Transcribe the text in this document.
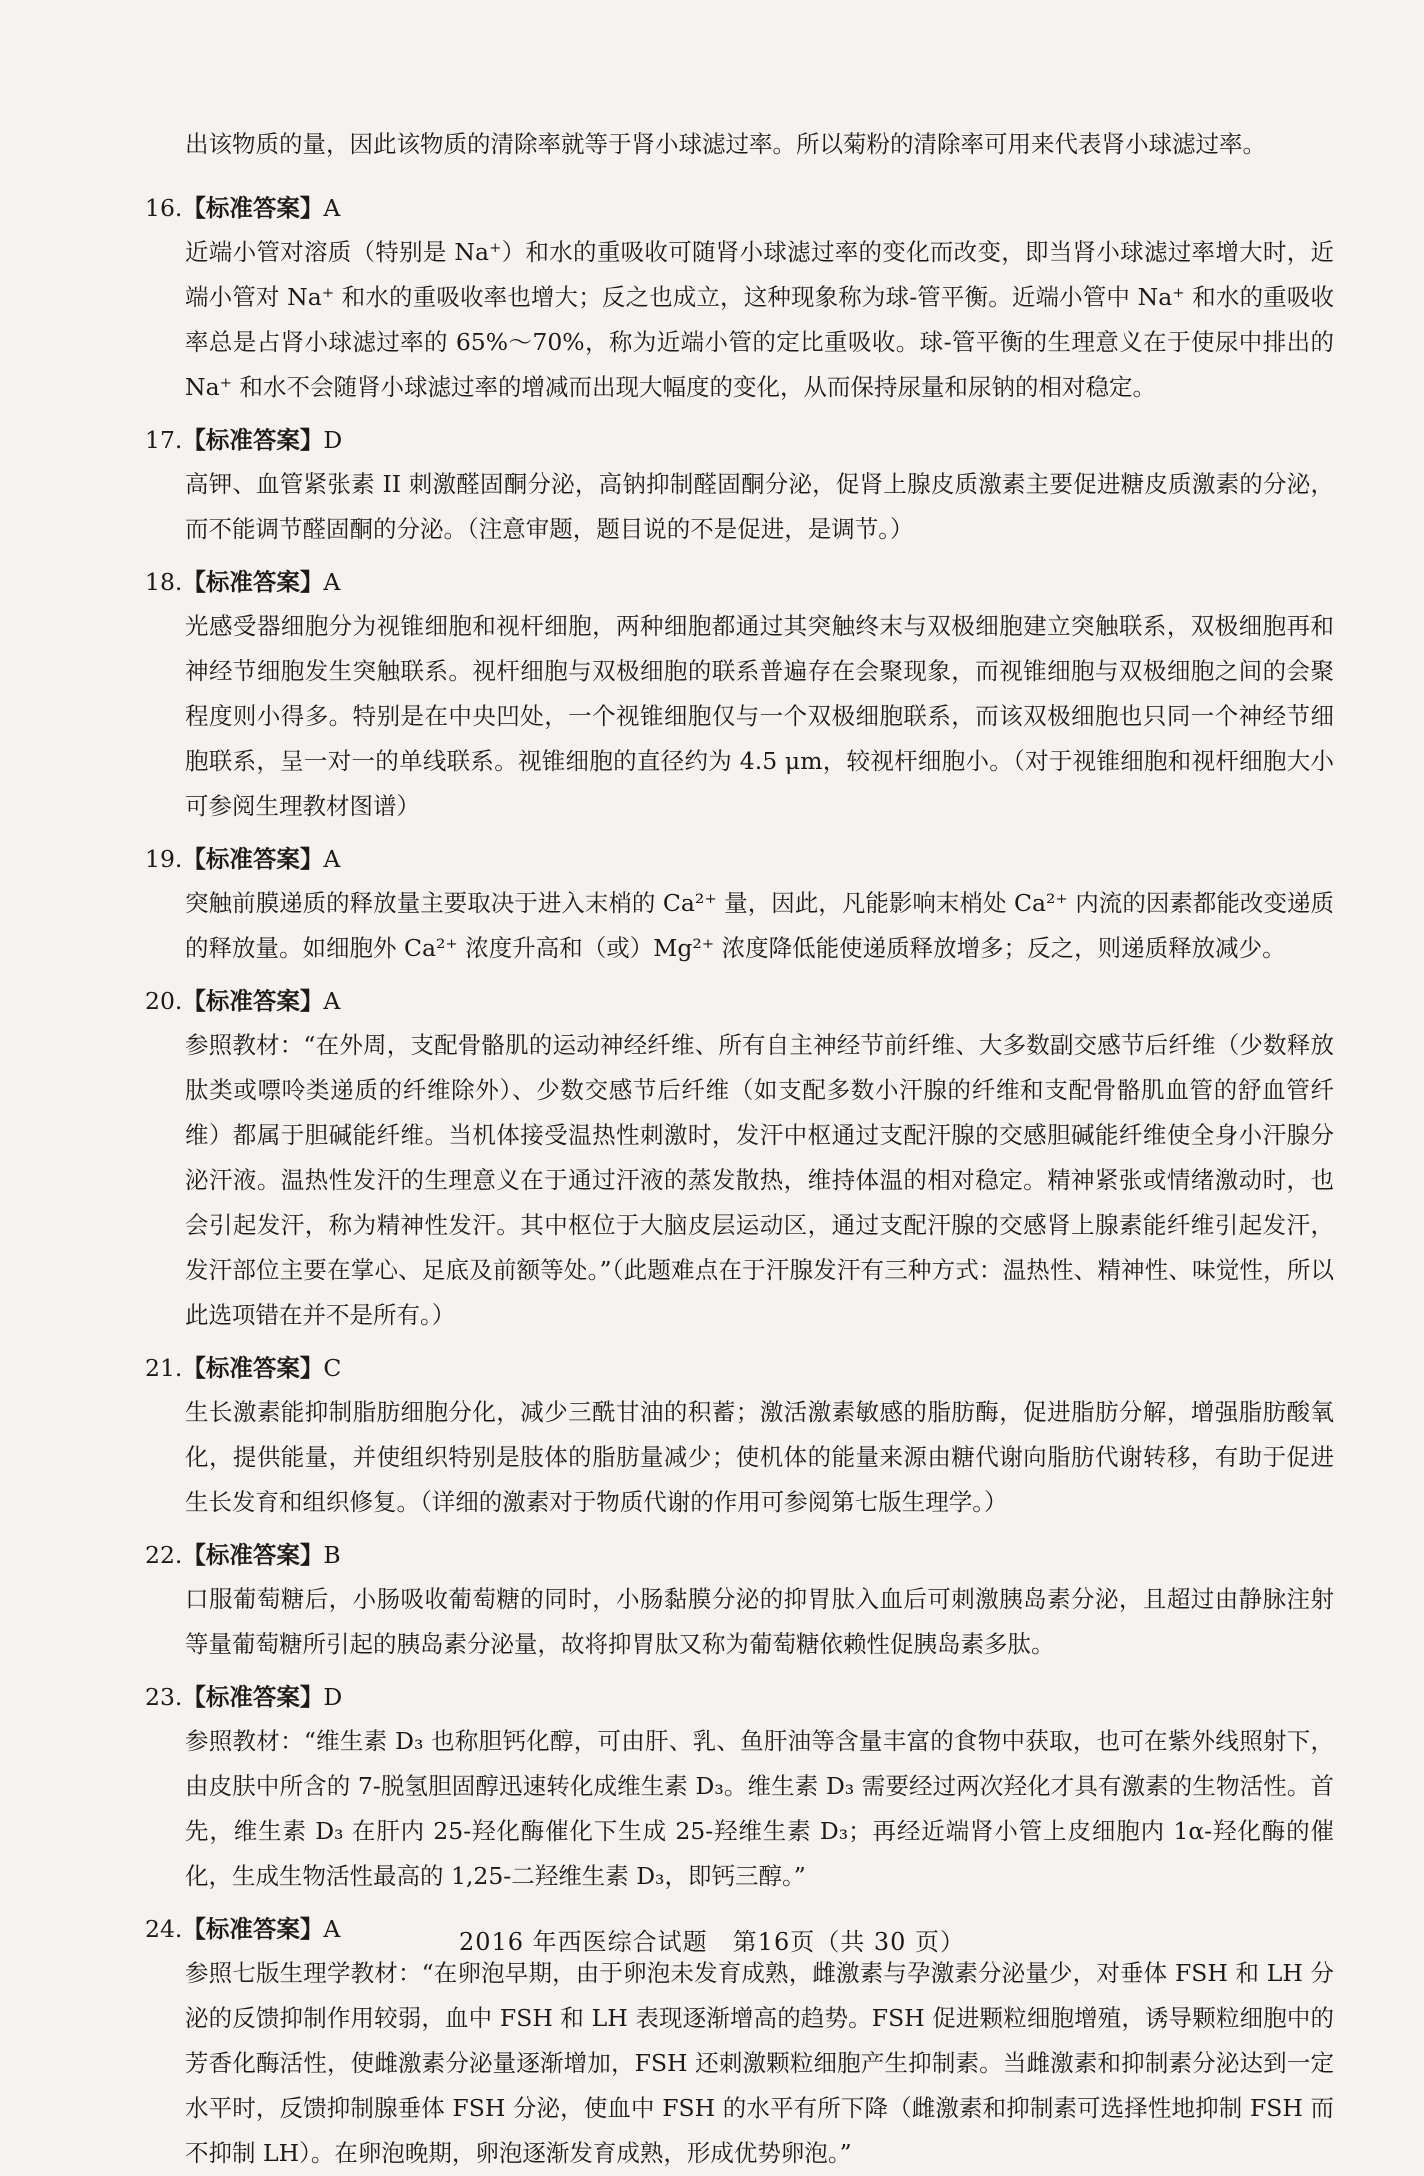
出该物质的量，因此该物质的清除率就等于肾小球滤过率。所以菊粉的清除率可用来代表肾小球滤过率。
16.【标准答案】A
近端小管对溶质（特别是 Na⁺）和水的重吸收可随肾小球滤过率的变化而改变，即当肾小球滤过率增大时，近端小管对 Na⁺ 和水的重吸收率也增大；反之也成立，这种现象称为球-管平衡。近端小管中 Na⁺ 和水的重吸收率总是占肾小球滤过率的 65%～70%，称为近端小管的定比重吸收。球-管平衡的生理意义在于使尿中排出的 Na⁺ 和水不会随肾小球滤过率的增减而出现大幅度的变化，从而保持尿量和尿钠的相对稳定。
17.【标准答案】D
高钾、血管紧张素 II 刺激醛固酮分泌，高钠抑制醛固酮分泌，促肾上腺皮质激素主要促进糖皮质激素的分泌，而不能调节醛固酮的分泌。（注意审题，题目说的不是促进，是调节。）
18.【标准答案】A
光感受器细胞分为视锥细胞和视杆细胞，两种细胞都通过其突触终末与双极细胞建立突触联系，双极细胞再和神经节细胞发生突触联系。视杆细胞与双极细胞的联系普遍存在会聚现象，而视锥细胞与双极细胞之间的会聚程度则小得多。特别是在中央凹处，一个视锥细胞仅与一个双极细胞联系，而该双极细胞也只同一个神经节细胞联系，呈一对一的单线联系。视锥细胞的直径约为 4.5 μm，较视杆细胞小。（对于视锥细胞和视杆细胞大小可参阅生理教材图谱）
19.【标准答案】A
突触前膜递质的释放量主要取决于进入末梢的 Ca²⁺ 量，因此，凡能影响末梢处 Ca²⁺ 内流的因素都能改变递质的释放量。如细胞外 Ca²⁺ 浓度升高和（或）Mg²⁺ 浓度降低能使递质释放增多；反之，则递质释放减少。
20.【标准答案】A
参照教材：“在外周，支配骨骼肌的运动神经纤维、所有自主神经节前纤维、大多数副交感节后纤维（少数释放肽类或嘌呤类递质的纤维除外）、少数交感节后纤维（如支配多数小汗腺的纤维和支配骨骼肌血管的舒血管纤维）都属于胆碱能纤维。当机体接受温热性刺激时，发汗中枢通过支配汗腺的交感胆碱能纤维使全身小汗腺分泌汗液。温热性发汗的生理意义在于通过汗液的蒸发散热，维持体温的相对稳定。精神紧张或情绪激动时，也会引起发汗，称为精神性发汗。其中枢位于大脑皮层运动区，通过支配汗腺的交感肾上腺素能纤维引起发汗，发汗部位主要在掌心、足底及前额等处。”（此题难点在于汗腺发汗有三种方式：温热性、精神性、味觉性，所以此选项错在并不是所有。）
21.【标准答案】C
生长激素能抑制脂肪细胞分化，减少三酰甘油的积蓄；激活激素敏感的脂肪酶，促进脂肪分解，增强脂肪酸氧化，提供能量，并使组织特别是肢体的脂肪量减少；使机体的能量来源由糖代谢向脂肪代谢转移，有助于促进生长发育和组织修复。（详细的激素对于物质代谢的作用可参阅第七版生理学。）
22.【标准答案】B
口服葡萄糖后，小肠吸收葡萄糖的同时，小肠黏膜分泌的抑胃肽入血后可刺激胰岛素分泌，且超过由静脉注射等量葡萄糖所引起的胰岛素分泌量，故将抑胃肽又称为葡萄糖依赖性促胰岛素多肽。
23.【标准答案】D
参照教材：“维生素 D₃ 也称胆钙化醇，可由肝、乳、鱼肝油等含量丰富的食物中获取，也可在紫外线照射下，由皮肤中所含的 7-脱氢胆固醇迅速转化成维生素 D₃。维生素 D₃ 需要经过两次羟化才具有激素的生物活性。首先，维生素 D₃ 在肝内 25-羟化酶催化下生成 25-羟维生素 D₃；再经近端肾小管上皮细胞内 1α-羟化酶的催化，生成生物活性最高的 1,25-二羟维生素 D₃，即钙三醇。”
24.【标准答案】A
参照七版生理学教材：“在卵泡早期，由于卵泡未发育成熟，雌激素与孕激素分泌量少，对垂体 FSH 和 LH 分泌的反馈抑制作用较弱，血中 FSH 和 LH 表现逐渐增高的趋势。FSH 促进颗粒细胞增殖，诱导颗粒细胞中的芳香化酶活性，使雌激素分泌量逐渐增加，FSH 还刺激颗粒细胞产生抑制素。当雌激素和抑制素分泌达到一定水平时，反馈抑制腺垂体 FSH 分泌，使血中 FSH 的水平有所下降（雌激素和抑制素可选择性地抑制 FSH 而不抑制 LH）。在卵泡晚期，卵泡逐渐发育成熟，形成优势卵泡。”
2016 年西医综合试题　第16页（共 30 页）
